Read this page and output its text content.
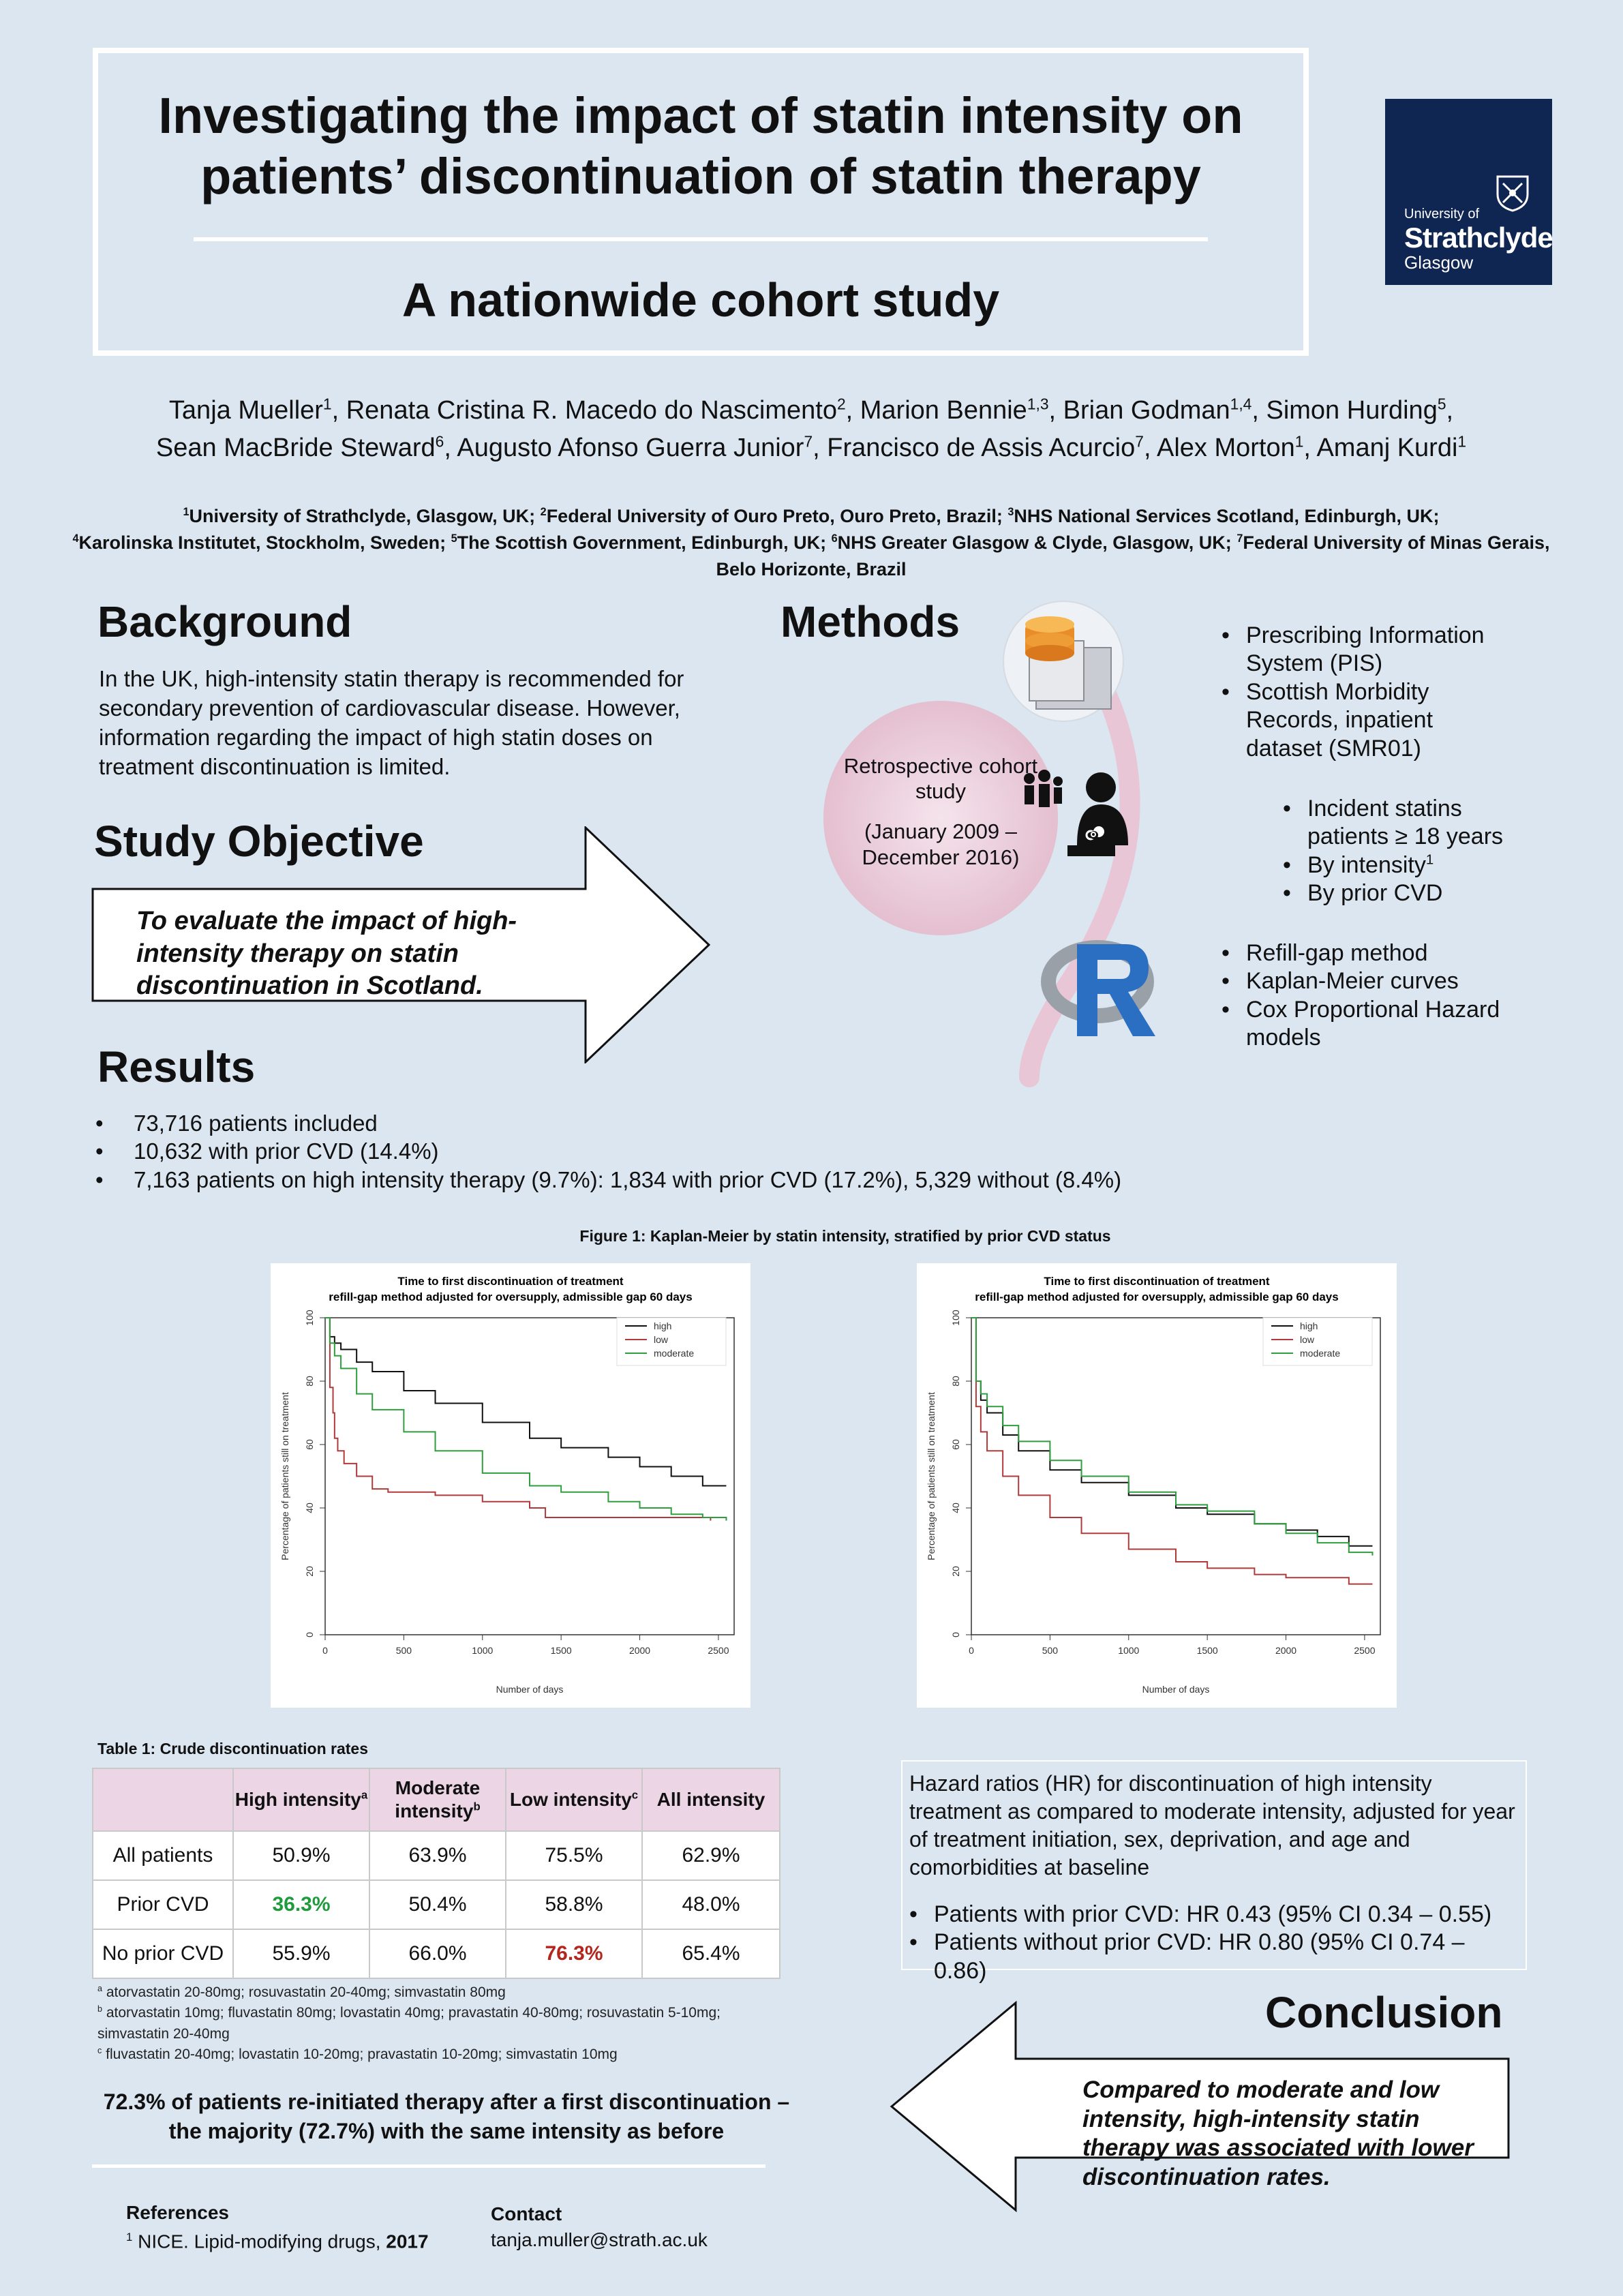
Investigating the impact of statin intensity on patients’ discontinuation of statin therapy
A nationwide cohort study
University of
Strathclyde
Glasgow
Tanja Mueller$^1$, Renata Cristina R. Macedo do Nascimento$^2$, Marion Bennie$^{1,3}$, Brian Godman$^{1,4}$, Simon Hurding$^5$,
Sean MacBride Steward$^6$, Augusto Afonso Guerra Junior$^7$, Francisco de Assis Acurcio$^7$, Alex Morton$^1$, Amanj Kurdi$^1$
$^1$University of Strathclyde, Glasgow, UK; $^2$Federal University of Ouro Preto, Ouro Preto, Brazil; $^3$NHS National Services Scotland, Edinburgh, UK;
$^4$Karolinska Institutet, Stockholm, Sweden; $^5$The Scottish Government, Edinburgh, UK; $^6$NHS Greater Glasgow & Clyde, Glasgow, UK; $^7$Federal University of Minas Gerais, Belo Horizonte, Brazil
Background
In the UK, high-intensity statin therapy is recommended for secondary prevention of cardiovascular disease. However, information regarding the impact of high statin doses on treatment discontinuation is limited.
Study Objective
To evaluate the impact of high-intensity therapy on statin discontinuation in Scotland.
Methods
Retrospective cohort study
(January 2009 – December 2016)
• Prescribing Information System (PIS)
• Scottish Morbidity Records, inpatient dataset (SMR01)
• Incident statins patients ≥ 18 years
• By intensity$^1$
• By prior CVD
• Refill-gap method
• Kaplan-Meier curves
• Cox Proportional Hazard models
Results
• 73,716 patients included
• 10,632 with prior CVD (14.4%)
• 7,163 patients on high intensity therapy (9.7%): 1,834 with prior CVD (17.2%), 5,329 without (8.4%)
Figure 1: Kaplan-Meier by statin intensity, stratified by prior CVD status
Time to first discontinuation of treatment
refill-gap method adjusted for oversupply, admissible gap 60 days
0	500	1000	1500	2000	2500
0
20
40
60
80
100
Number of days
Percentage of patients still on treatment
high
low
moderate
Time to first discontinuation of treatment
refill-gap method adjusted for oversupply, admissible gap 60 days
0	500	1000	1500	2000	2500
0
20
40
60
80
100
Number of days
Percentage of patients still on treatment
high
low
moderate
Table 1: Crude discontinuation rates
	High intensity$^a$	Moderate intensity$^b$	Low intensity$^c$	All intensity
All patients	50.9%	63.9%	75.5%	62.9%
Prior CVD	36.3%	50.4%	58.8%	48.0%
No prior CVD	55.9%	66.0%	76.3%	65.4%
$^a$ atorvastatin 20-80mg; rosuvastatin 20-40mg; simvastatin 80mg
$^b$ atorvastatin 10mg; fluvastatin 80mg; lovastatin 40mg; pravastatin 40-80mg; rosuvastatin 5-10mg; simvastatin 20-40mg
$^c$ fluvastatin 20-40mg; lovastatin 10-20mg; pravastatin 10-20mg; simvastatin 10mg
72.3% of patients re-initiated therapy after a first discontinuation – the majority (72.7%) with the same intensity as before
Hazard ratios (HR) for discontinuation of high intensity treatment as compared to moderate intensity, adjusted for year of treatment initiation, sex, deprivation, and age and comorbidities at baseline
• Patients with prior CVD: HR 0.43 (95% CI 0.34 – 0.55)
• Patients without prior CVD: HR 0.80 (95% CI 0.74 – 0.86)
Conclusion
Compared to moderate and low intensity, high-intensity statin therapy was associated with lower discontinuation rates.
References
$^1$ NICE. Lipid-modifying drugs, 2017
Contact
tanja.muller@strath.ac.uk
